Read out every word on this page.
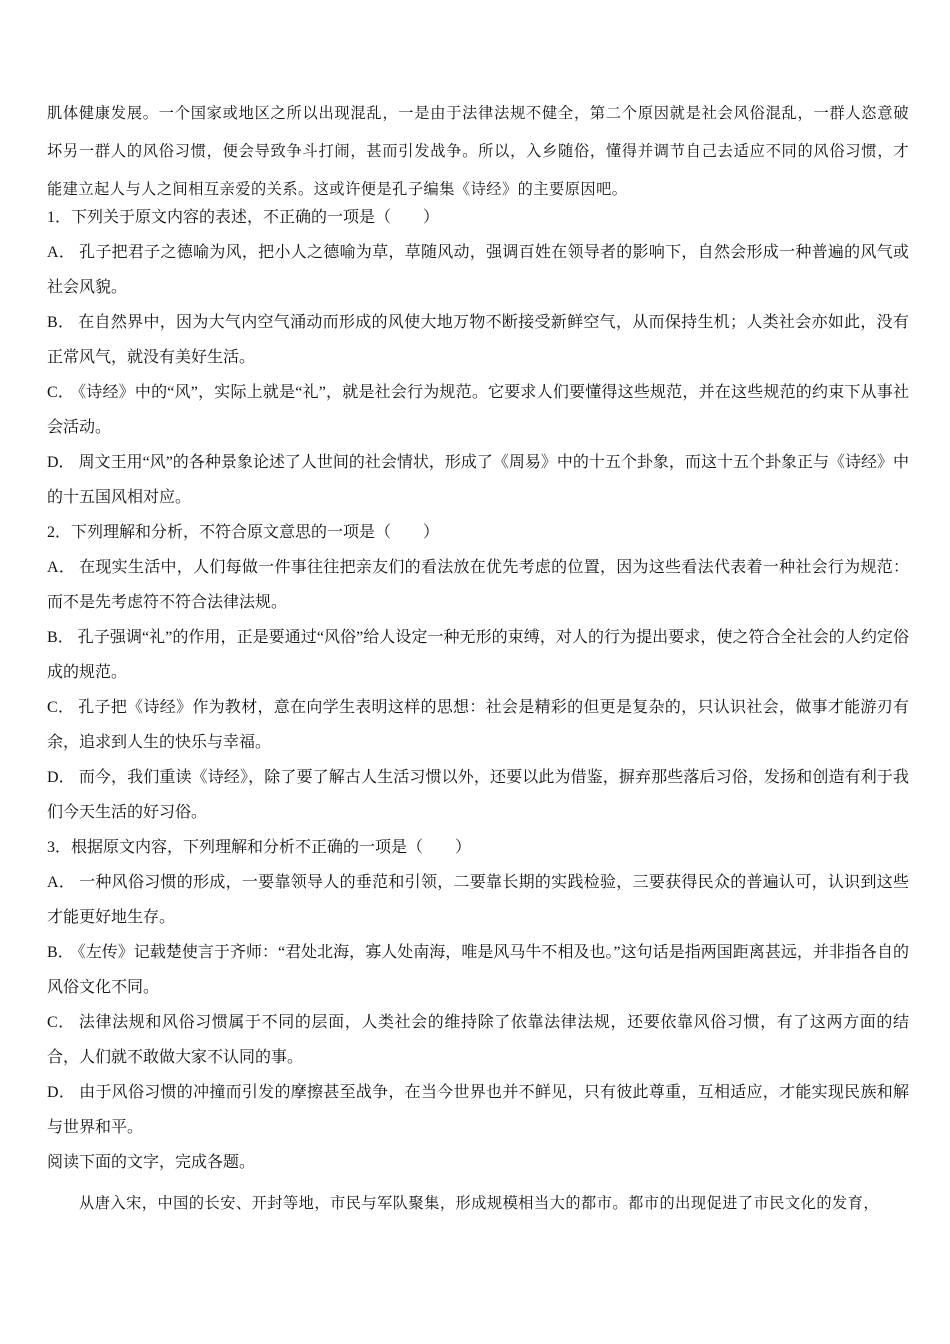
肌体健康发展。一个国家或地区之所以出现混乱，一是由于法律法规不健全，第二个原因就是社会风俗混乱，一群人恣意破坏另一群人的风俗习惯，便会导致争斗打闹，甚而引发战争。所以，入乡随俗，懂得并调节自己去适应不同的风俗习惯，才能建立起人与人之间相互亲爱的关系。这或许便是孔子编集《诗经》的主要原因吧。

1．下列关于原文内容的表述，不正确的一项是（　　）

A． 孔子把君子之德喻为风，把小人之德喻为草，草随风动，强调百姓在领导者的影响下，自然会形成一种普遍的风气或社会风貌。

B． 在自然界中，因为大气内空气涌动而形成的风使大地万物不断接受新鲜空气，从而保持生机；人类社会亦如此，没有正常风气，就没有美好生活。

C． 《诗经》中的“风”，实际上就是“礼”，就是社会行为规范。它要求人们要懂得这些规范，并在这些规范的约束下从事社会活动。

D． 周文王用“风”的各种景象论述了人世间的社会情状，形成了《周易》中的十五个卦象，而这十五个卦象正与《诗经》中的十五国风相对应。

2．下列理解和分析，不符合原文意思的一项是（　　）

A． 在现实生活中，人们每做一件事往往把亲友们的看法放在优先考虑的位置，因为这些看法代表着一种社会行为规范：而不是先考虑符不符合法律法规。

B． 孔子强调“礼”的作用，正是要通过“风俗”给人设定一种无形的束缚，对人的行为提出要求，使之符合全社会的人约定俗成的规范。

C． 孔子把《诗经》作为教材，意在向学生表明这样的思想：社会是精彩的但更是复杂的，只认识社会，做事才能游刃有余，追求到人生的快乐与幸福。

D． 而今，我们重读《诗经》，除了要了解古人生活习惯以外，还要以此为借鉴，摒弃那些落后习俗，发扬和创造有利于我们今天生活的好习俗。

3．根据原文内容，下列理解和分析不正确的一项是（　　）

A． 一种风俗习惯的形成，一要靠领导人的垂范和引领，二要靠长期的实践检验，三要获得民众的普遍认可，认识到这些才能更好地生存。

B． 《左传》记载楚使言于齐师：“君处北海，寡人处南海，唯是风马牛不相及也。”这句话是指两国距离甚远，并非指各自的风俗文化不同。

C． 法律法规和风俗习惯属于不同的层面，人类社会的维持除了依靠法律法规，还要依靠风俗习惯，有了这两方面的结合，人们就不敢做大家不认同的事。

D． 由于风俗习惯的冲撞而引发的摩擦甚至战争，在当今世界也并不鲜见，只有彼此尊重，互相适应，才能实现民族和解与世界和平。

阅读下面的文字，完成各题。

从唐入宋，中国的长安、开封等地，市民与军队聚集，形成规模相当大的都市。都市的出现促进了市民文化的发育，
